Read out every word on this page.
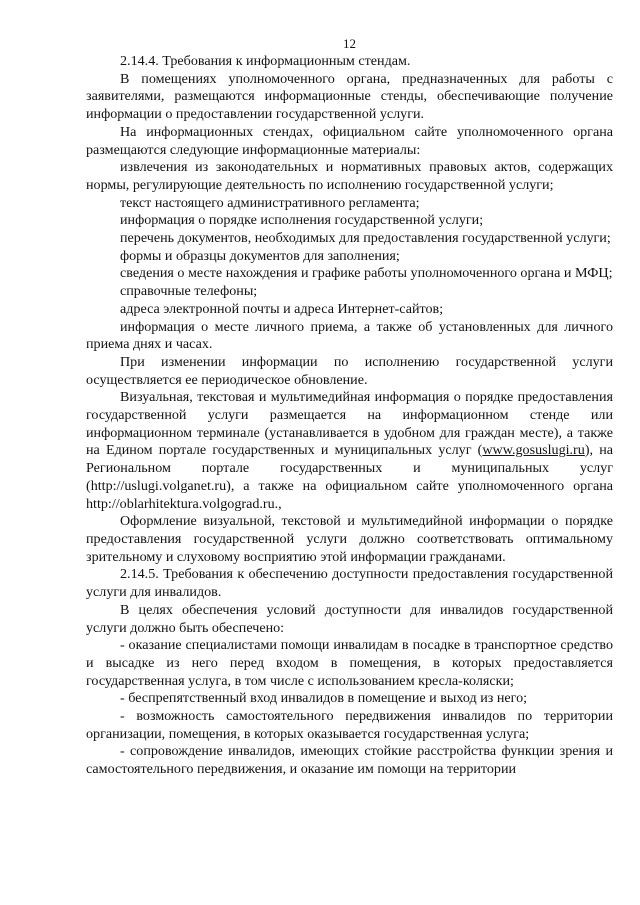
12

2.14.4. Требования к информационным стендам.

В помещениях уполномоченного органа, предназначенных для работы с заявителями, размещаются информационные стенды, обеспечивающие получение информации о предоставлении государственной услуги.

На информационных стендах, официальном сайте уполномоченного органа размещаются следующие информационные материалы:

извлечения из законодательных и нормативных правовых актов, содержащих нормы, регулирующие деятельность по исполнению государственной услуги;

текст настоящего административного регламента;

информация о порядке исполнения государственной услуги;

перечень документов, необходимых для предоставления государственной услуги;

формы и образцы документов для заполнения;

сведения о месте нахождения и графике работы уполномоченного органа и МФЦ;

справочные телефоны;

адреса электронной почты и адреса Интернет-сайтов;

информация о месте личного приема, а также об установленных для личного приема днях и часах.

При изменении информации по исполнению государственной услуги осуществляется ее периодическое обновление.

Визуальная, текстовая и мультимедийная информация о порядке предоставления государственной услуги размещается на информационном стенде или информационном терминале (устанавливается в удобном для граждан месте), а также на Едином портале государственных и муниципальных услуг (www.gosuslugi.ru), на Региональном портале государственных и муниципальных услуг (http://uslugi.volganet.ru), а также на официальном сайте уполномоченного органа http://oblarhitektura.volgograd.ru.,

Оформление визуальной, текстовой и мультимедийной информации о порядке предоставления государственной услуги должно соответствовать оптимальному зрительному и слуховому восприятию этой информации гражданами.

2.14.5. Требования к обеспечению доступности предоставления государственной услуги для инвалидов.

В целях обеспечения условий доступности для инвалидов государственной услуги должно быть обеспечено:

- оказание специалистами помощи инвалидам в посадке в транспортное средство и высадке из него перед входом в помещения, в которых предоставляется государственная услуга, в том числе с использованием кресла-коляски;

- беспрепятственный вход инвалидов в помещение и выход из него;

- возможность самостоятельного передвижения инвалидов по территории организации, помещения, в которых оказывается государственная услуга;

- сопровождение инвалидов, имеющих стойкие расстройства функции зрения и самостоятельного передвижения, и оказание им помощи на территории
